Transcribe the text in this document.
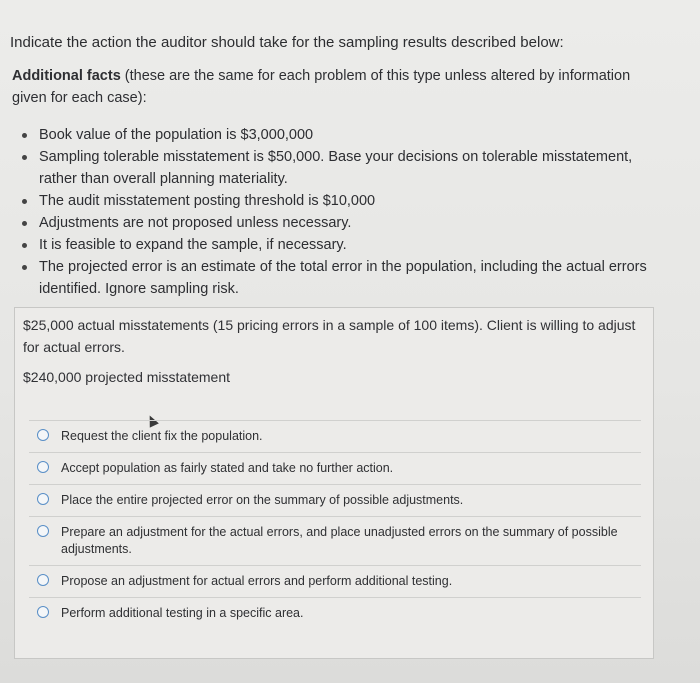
Indicate the action the auditor should take for the sampling results described below:
Additional facts (these are the same for each problem of this type unless altered by information given for each case):
Book value of the population is $3,000,000
Sampling tolerable misstatement is $50,000. Base your decisions on tolerable misstatement, rather than overall planning materiality.
The audit misstatement posting threshold is $10,000
Adjustments are not proposed unless necessary.
It is feasible to expand the sample, if necessary.
The projected error is an estimate of the total error in the population, including the actual errors identified. Ignore sampling risk.
$25,000 actual misstatements (15 pricing errors in a sample of 100 items). Client is willing to adjust for actual errors.
$240,000 projected misstatement
Request the client fix the population.
Accept population as fairly stated and take no further action.
Place the entire projected error on the summary of possible adjustments.
Prepare an adjustment for the actual errors, and place unadjusted errors on the summary of possible adjustments.
Propose an adjustment for actual errors and perform additional testing.
Perform additional testing in a specific area.
